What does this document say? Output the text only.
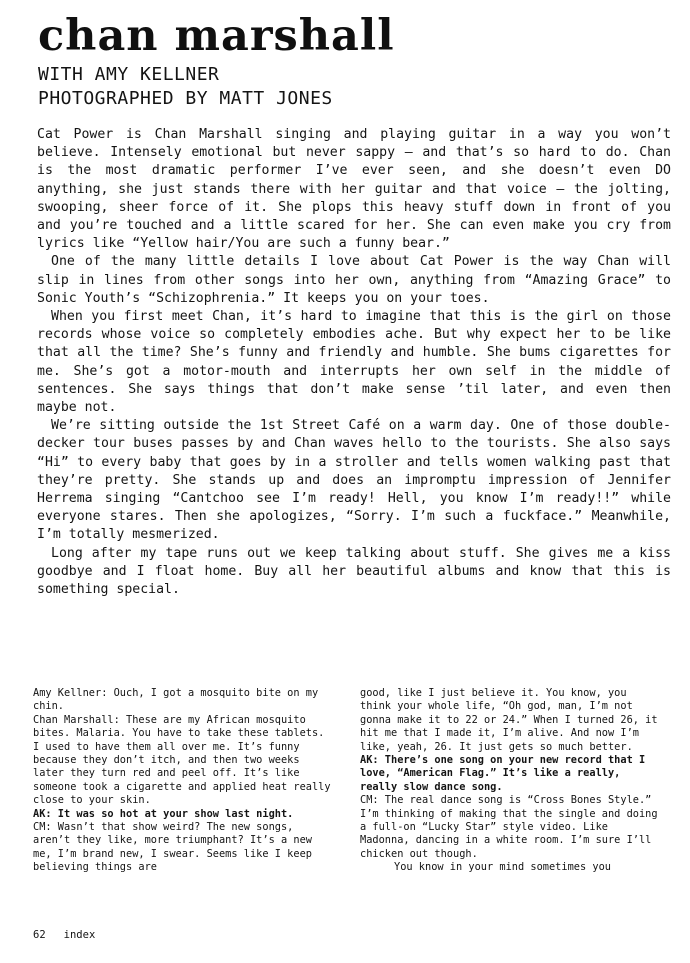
chan marshall

WITH AMY KELLNER

PHOTOGRAPHED BY MATT JONES

Cat Power is Chan Marshall singing and playing guitar in a way you won’t believe. Intensely emotional but never sappy – and that’s so hard to do. Chan is the most dramatic performer I’ve ever seen, and she doesn’t even DO anything, she just stands there with her guitar and that voice – the jolting, swooping, sheer force of it. She plops this heavy stuff down in front of you and you’re touched and a little scared for her. She can even make you cry from lyrics like “Yellow hair/You are such a funny bear.”

One of the many little details I love about Cat Power is the way Chan will slip in lines from other songs into her own, anything from “Amazing Grace” to Sonic Youth’s “Schizophrenia.” It keeps you on your toes.

When you first meet Chan, it’s hard to imagine that this is the girl on those records whose voice so completely embodies ache. But why expect her to be like that all the time? She’s funny and friendly and humble. She bums cigarettes for me. She’s got a motor-mouth and interrupts her own self in the middle of sentences. She says things that don’t make sense ’til later, and even then maybe not.

We’re sitting outside the 1st Street Café on a warm day. One of those double-decker tour buses passes by and Chan waves hello to the tourists. She also says “Hi” to every baby that goes by in a stroller and tells women walking past that they’re pretty. She stands up and does an impromptu impression of Jennifer Herrema singing “Cantchoo see I’m ready! Hell, you know I’m ready!!” while everyone stares. Then she apologizes, “Sorry. I’m such a fuckface.” Meanwhile, I’m totally mesmerized.

Long after my tape runs out we keep talking about stuff. She gives me a kiss goodbye and I float home. Buy all her beautiful albums and know that this is something special.

Amy Kellner: Ouch, I got a mosquito bite on my chin.

Chan Marshall: These are my African mosquito bites. Malaria. You have to take these tablets. I used to have them all over me. It’s funny because they don’t itch, and then two weeks later they turn red and peel off. It’s like someone took a cigarette and applied heat really close to your skin.

AK: It was so hot at your show last night.

CM: Wasn’t that show weird? The new songs, aren’t they like, more triumphant? It’s a new me, I’m brand new, I swear. Seems like I keep believing things are

good, like I just believe it. You know, you think your whole life, “Oh god, man, I’m not gonna make it to 22 or 24.” When I turned 26, it hit me that I made it, I’m alive. And now I’m like, yeah, 26. It just gets so much better.

AK: There’s one song on your new record that I love, “American Flag.” It’s like a really, really slow dance song.

CM: The real dance song is “Cross Bones Style.” I’m thinking of making that the single and doing a full-on “Lucky Star” style video. Like Madonna, dancing in a white room. I’m sure I’ll chicken out though.

You know in your mind sometimes you

62 index
